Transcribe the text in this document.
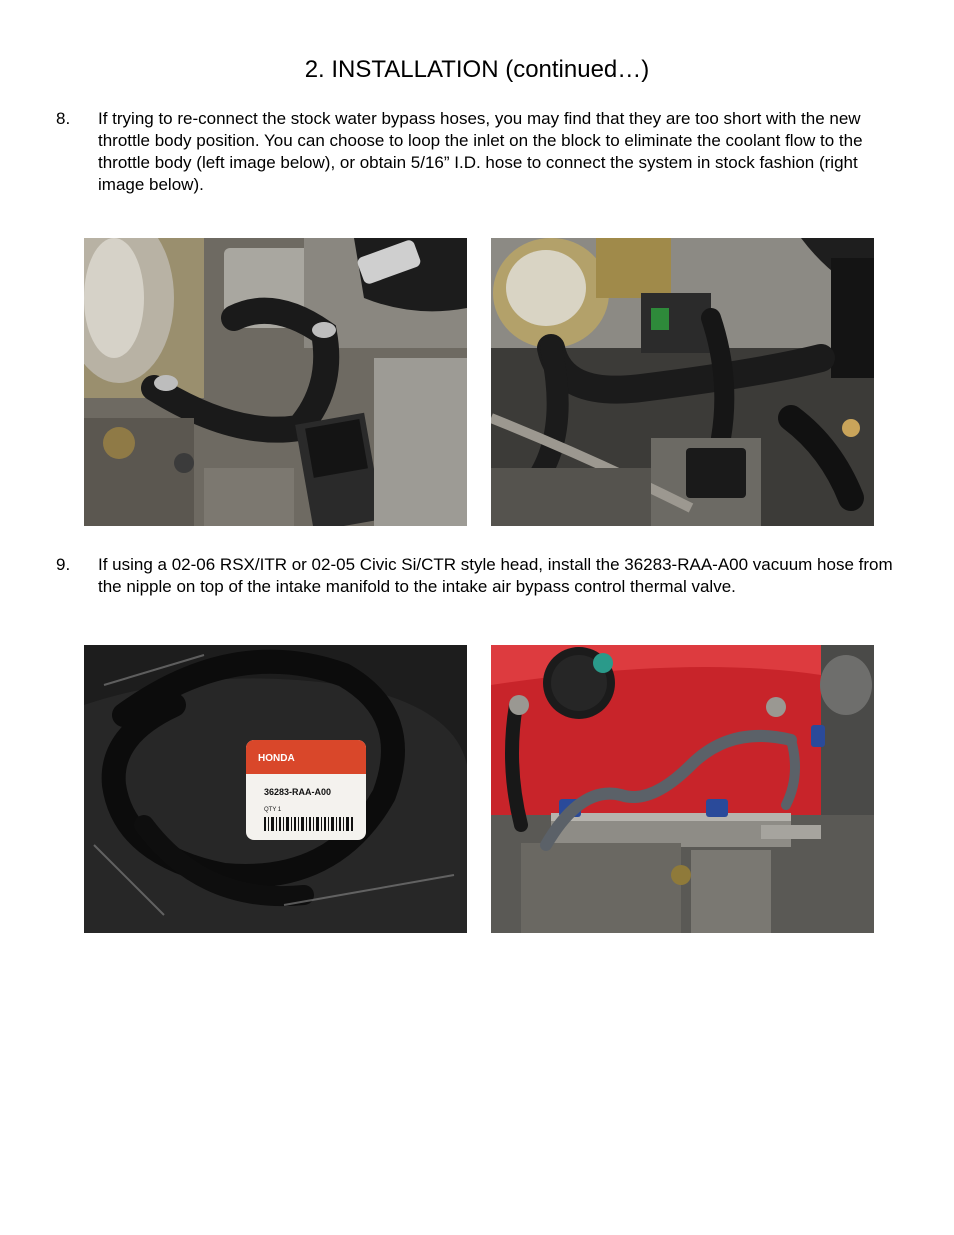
2. INSTALLATION (continued…)
8. If trying to re-connect the stock water bypass hoses, you may find that they are too short with the new throttle body position. You can choose to loop the inlet on the block to eliminate the coolant flow to the throttle body (left image below), or obtain 5/16” I.D. hose to connect the system in stock fashion (right image below).
9. If using a 02-06 RSX/ITR or 02-05 Civic Si/CTR style head, install the 36283-RAA-A00 vacuum hose from the nipple on top of the intake manifold to the intake air bypass control thermal valve.
HONDA
36283-RAA-A00
QTY 1
